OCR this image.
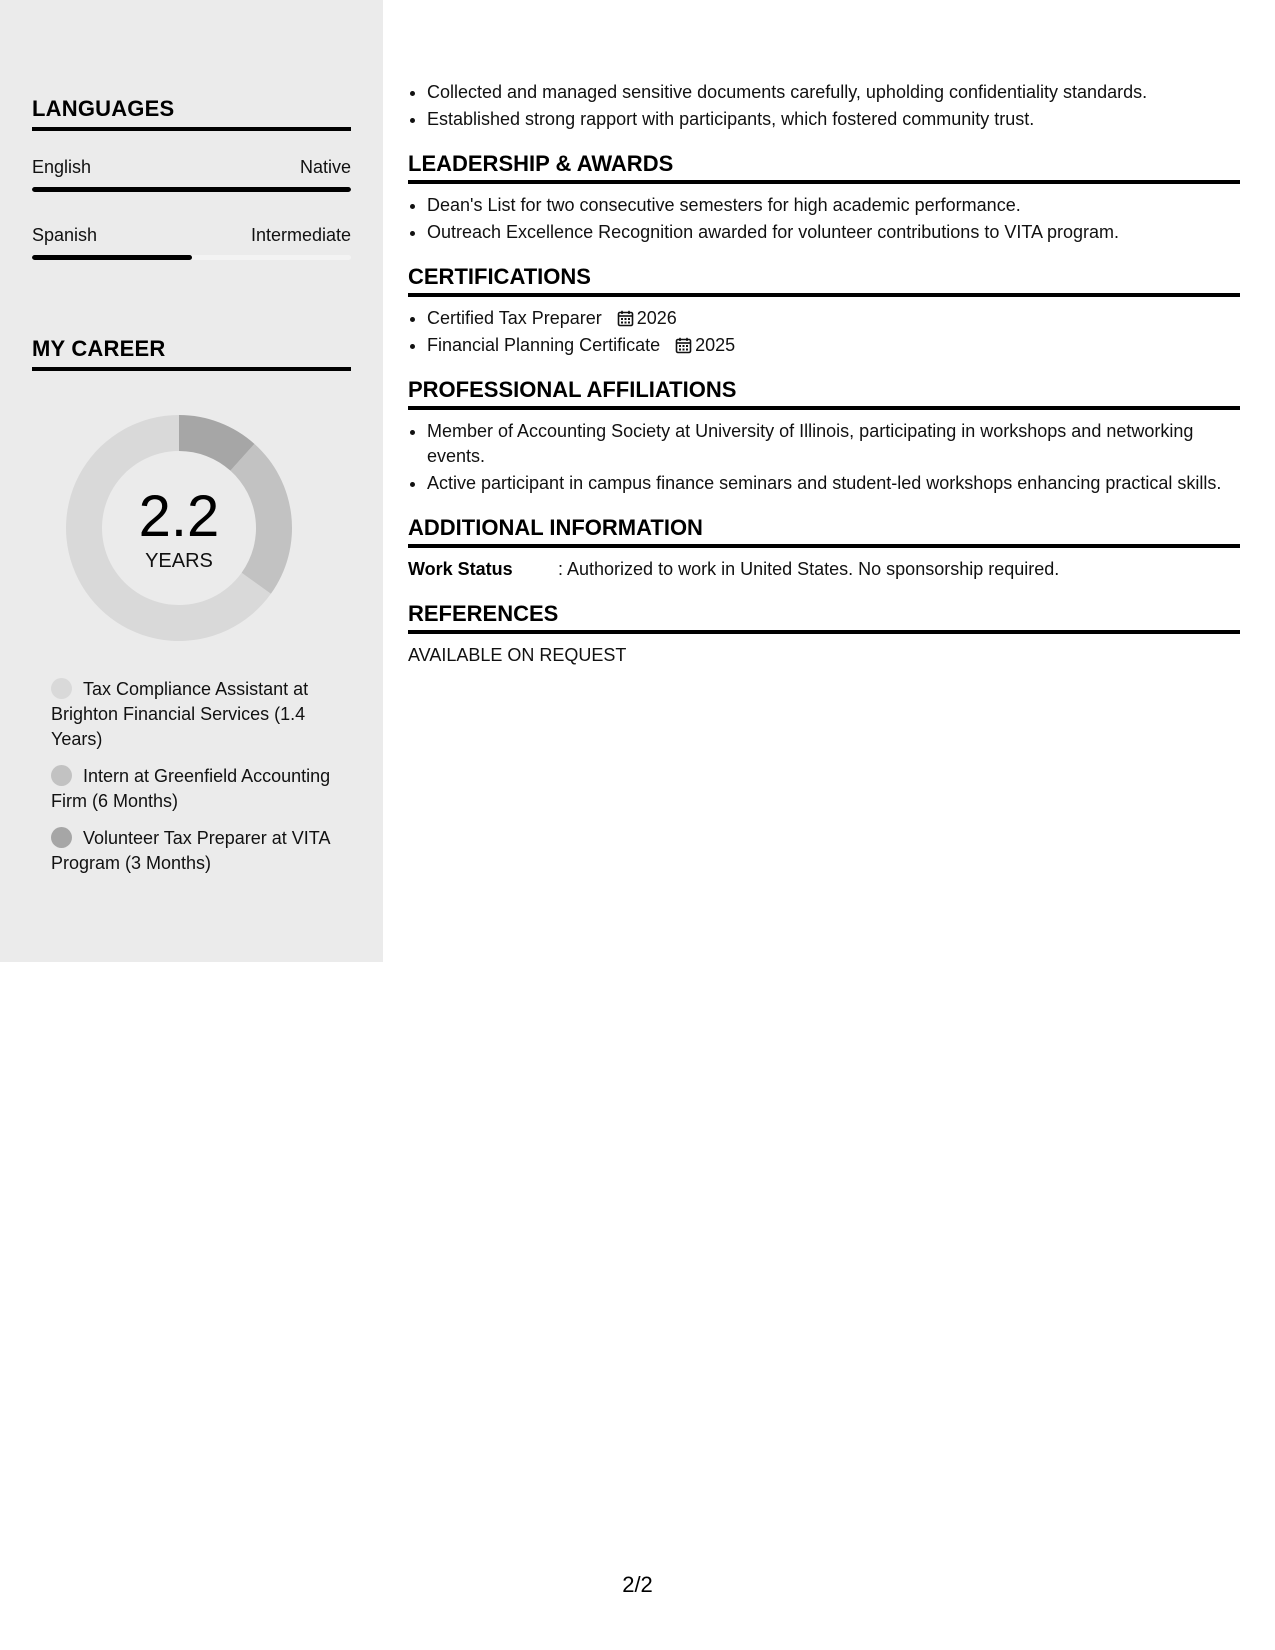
LANGUAGES
English	Native
Spanish	Intermediate
MY CAREER
2.2
YEARS
Tax Compliance Assistant at Brighton Financial Services (1.4 Years)
Intern at Greenfield Accounting Firm (6 Months)
Volunteer Tax Preparer at VITA Program (3 Months)
• Collected and managed sensitive documents carefully, upholding confidentiality standards.
• Established strong rapport with participants, which fostered community trust.
LEADERSHIP & AWARDS
• Dean's List for two consecutive semesters for high academic performance.
• Outreach Excellence Recognition awarded for volunteer contributions to VITA program.
CERTIFICATIONS
• Certified Tax Preparer 2026
• Financial Planning Certificate 2025
PROFESSIONAL AFFILIATIONS
• Member of Accounting Society at University of Illinois, participating in workshops and networking events.
• Active participant in campus finance seminars and student-led workshops enhancing practical skills.
ADDITIONAL INFORMATION
Work Status	: Authorized to work in United States. No sponsorship required.
REFERENCES
AVAILABLE ON REQUEST
2/2
